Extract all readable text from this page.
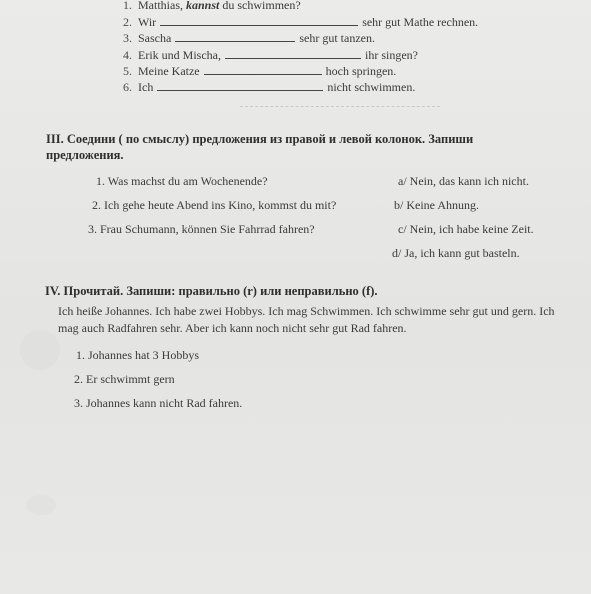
1. Matthias, kannst du schwimmen?
2. Wir	sehr gut Mathe rechnen.
3. Sascha	sehr gut tanzen.
4. Erik und Mischa,	ihr singen?
5. Meine Katze	hoch springen.
6. Ich	nicht schwimmen.
III. Соедини ( по смыслу) предложения из правой и левой колонок. Запиши предложения.
1. Was machst du am Wochenende?
2. Ich gehe heute Abend ins Kino, kommst du mit?
3. Frau Schumann, können Sie Fahrrad fahren?
a/ Nein, das kann ich nicht.
b/ Keine Ahnung.
c/ Nein, ich habe keine Zeit.
d/ Ja, ich kann gut basteln.
IV. Прочитай. Запиши: правильно (r) или неправильно (f).
Ich heiße Johannes. Ich habe zwei Hobbys. Ich mag Schwimmen. Ich schwimme sehr gut und gern. Ich mag auch Radfahren sehr. Aber ich kann noch nicht sehr gut Rad fahren.
1. Johannes hat 3 Hobbys
2. Er schwimmt gern
3. Johannes kann nicht Rad fahren.
